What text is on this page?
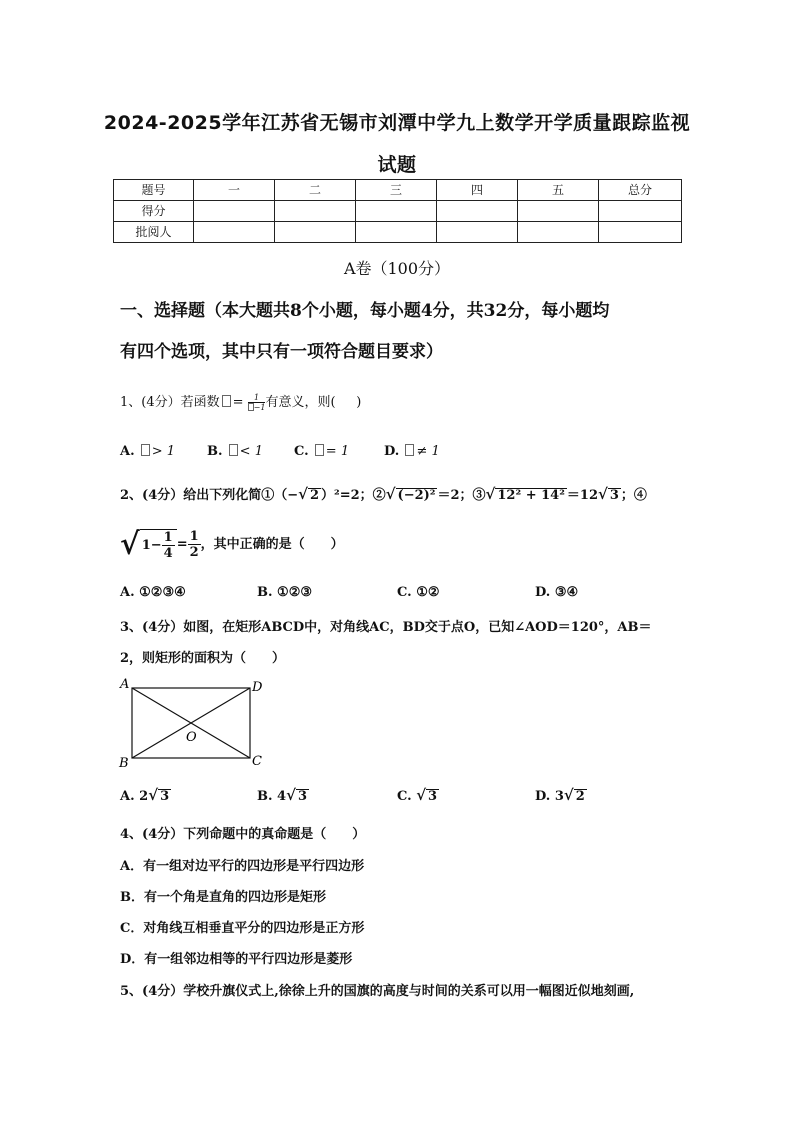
2024-2025学年江苏省无锡市刘潭中学九上数学开学质量跟踪监视
试题
题号	一	二	三	四	五	总分
得分						
批阅人						
A卷（100分）
一、选择题（本大题共8个小题，每小题4分，共32分，每小题均
有四个选项，其中只有一项符合题目要求）
1、(4分）若函数 = $\frac{1}{-1}$ 有意义，则( )
A. > 1 B. < 1 C. = 1	D. ≠ 1
2、(4分）给出下列化简①（−√ 2 ）²=2；②√ (−2)² ＝2；③√ 12² + 14² ＝12√ 3 ；④
√ $1- \frac{1}{4} = \frac{1}{2}$ ，其中正确的是（　　）
A. ①②③④	B. ①②③	C. ①②	D. ③④
3、(4分）如图，在矩形ABCD中，对角线AC，BD交于点O，已知∠AOD＝120°，AB＝
2，则矩形的面积为（　　）
A	D
B	C
O
A. 2√ 3	B. 4√ 3	C. √ 3	D. 3√ 2
4、(4分）下列命题中的真命题是（　　）
A．有一组对边平行的四边形是平行四边形
B．有一个角是直角的四边形是矩形
C．对角线互相垂直平分的四边形是正方形
D．有一组邻边相等的平行四边形是菱形
5、(4分）学校升旗仪式上,徐徐上升的国旗的高度与时间的关系可以用一幅图近似地刻画,
